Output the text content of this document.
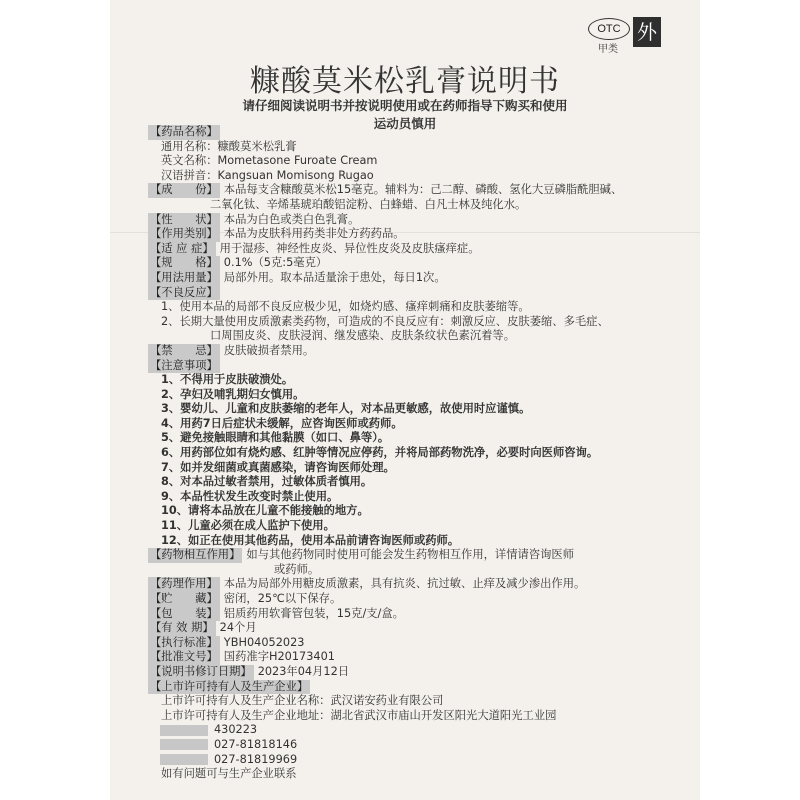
OTC
甲类
外
糠酸莫米松乳膏说明书
请仔细阅读说明书并按说明使用或在药师指导下购买和使用
运动员慎用
【药品名称】
通用名称：糠酸莫米松乳膏
英文名称：Mometasone Furoate Cream
汉语拼音：Kangsuan Momisong Rugao
【成　　份】 本品每支含糠酸莫米松15毫克。辅料为：己二醇、磷酸、氢化大豆磷脂酰胆碱、
二氧化钛、辛烯基琥珀酸铝淀粉、白蜂蜡、白凡士林及纯化水。
【性　　状】 本品为白色或类白色乳膏。
【作用类别】 本品为皮肤科用药类非处方药药品。
【适 应 症】 用于湿疹、神经性皮炎、异位性皮炎及皮肤瘙痒症。
【规　　格】 0.1%（5克:5毫克）
【用法用量】 局部外用。取本品适量涂于患处，每日1次。
【不良反应】
1、使用本品的局部不良反应极少见，如烧灼感、瘙痒刺痛和皮肤萎缩等。
2、长期大量使用皮质激素类药物，可造成的不良反应有：刺激反应、皮肤萎缩、多毛症、
口周围皮炎、皮肤浸润、继发感染、皮肤条纹状色素沉着等。
【禁　　忌】 皮肤破损者禁用。
【注意事项】
1、不得用于皮肤破溃处。
2、孕妇及哺乳期妇女慎用。
3、婴幼儿、儿童和皮肤萎缩的老年人，对本品更敏感，故使用时应谨慎。
4、用药7日后症状未缓解，应咨询医师或药师。
5、避免接触眼睛和其他黏膜（如口、鼻等）。
6、用药部位如有烧灼感、红肿等情况应停药，并将局部药物洗净，必要时向医师咨询。
7、如并发细菌或真菌感染，请咨询医师处理。
8、对本品过敏者禁用，过敏体质者慎用。
9、本品性状发生改变时禁止使用。
10、请将本品放在儿童不能接触的地方。
11、儿童必须在成人监护下使用。
12、如正在使用其他药品，使用本品前请咨询医师或药师。
【药物相互作用】 如与其他药物同时使用可能会发生药物相互作用，详情请咨询医师
或药师。
【药理作用】 本品为局部外用糖皮质激素，具有抗炎、抗过敏、止痒及减少渗出作用。
【贮　　藏】 密闭，25℃以下保存。
【包　　装】 铝质药用软膏管包装，15克/支/盒。
【有 效 期】 24个月
【执行标准】 YBH04052023
【批准文号】 国药准字H20173401
【说明书修订日期】 2023年04月12日
【上市许可持有人及生产企业】
上市许可持有人及生产企业名称：武汉诺安药业有限公司
上市许可持有人及生产企业地址：湖北省武汉市庙山开发区阳光大道阳光工业园
430223
027-81818146
027-81819969
如有问题可与生产企业联系
